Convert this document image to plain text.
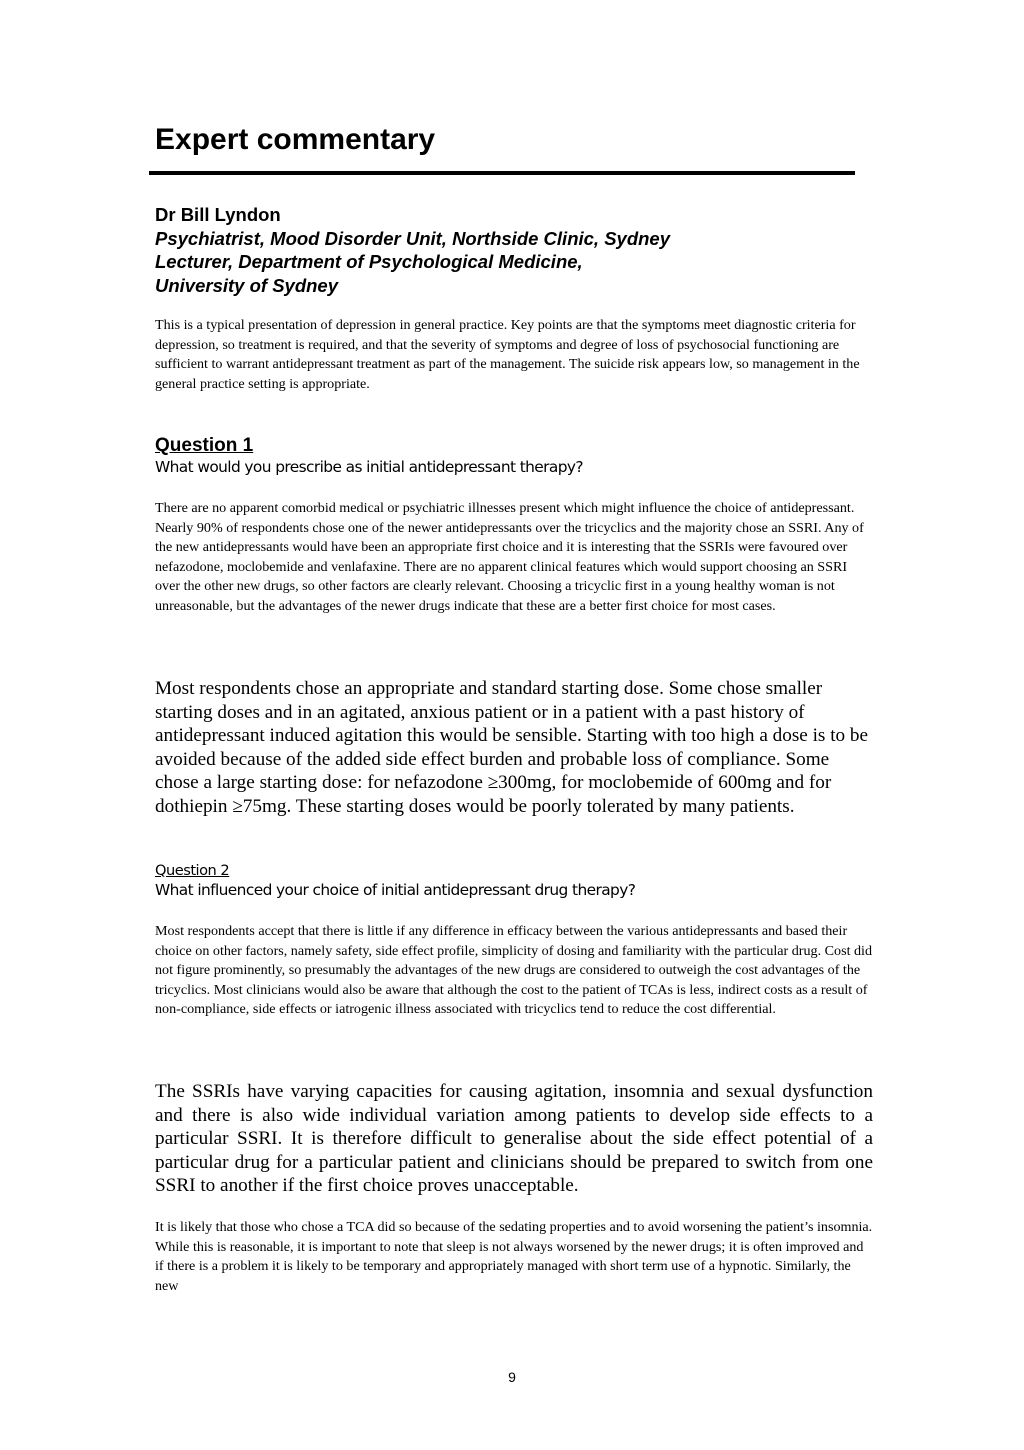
Expert commentary
Dr Bill Lyndon
Psychiatrist, Mood Disorder Unit, Northside Clinic, Sydney
Lecturer, Department of Psychological Medicine,
University of Sydney

This is a typical presentation of depression in general practice. Key points are that the symptoms meet diagnostic criteria for depression, so treatment is required, and that the severity of symptoms and degree of loss of psychosocial functioning are sufficient to warrant antidepressant treatment as part of the management. The suicide risk appears low, so management in the general practice setting is appropriate.

Question 1
What would you prescribe as initial antidepressant therapy?

There are no apparent comorbid medical or psychiatric illnesses present which might influence the choice of antidepressant. Nearly 90% of respondents chose one of the newer antidepressants over the tricyclics and the majority chose an SSRI. Any of the new antidepressants would have been an appropriate first choice and it is interesting that the SSRIs were favoured over nefazodone, moclobemide and venlafaxine. There are no apparent clinical features which would support choosing an SSRI over the other new drugs, so other factors are clearly relevant. Choosing a tricyclic first in a young healthy woman is not unreasonable, but the advantages of the newer drugs indicate that these are a better first choice for most cases.

Most respondents chose an appropriate and standard starting dose. Some chose smaller starting doses and in an agitated, anxious patient or in a patient with a past history of antidepressant induced agitation this would be sensible. Starting with too high a dose is to be avoided because of the added side effect burden and probable loss of compliance. Some chose a large starting dose: for nefazodone ≥300mg, for moclobemide of 600mg and for dothiepin ≥75mg. These starting doses would be poorly tolerated by many patients.

Question 2
What influenced your choice of initial antidepressant drug therapy?

Most respondents accept that there is little if any difference in efficacy between the various antidepressants and based their choice on other factors, namely safety, side effect profile, simplicity of dosing and familiarity with the particular drug. Cost did not figure prominently, so presumably the advantages of the new drugs are considered to outweigh the cost advantages of the tricyclics. Most clinicians would also be aware that although the cost to the patient of TCAs is less, indirect costs as a result of non-compliance, side effects or iatrogenic illness associated with tricyclics tend to reduce the cost differential.

The SSRIs have varying capacities for causing agitation, insomnia and sexual dysfunction and there is also wide individual variation among patients to develop side effects to a particular SSRI. It is therefore difficult to generalise about the side effect potential of a particular drug for a particular patient and clinicians should be prepared to switch from one SSRI to another if the first choice proves unacceptable.

It is likely that those who chose a TCA did so because of the sedating properties and to avoid worsening the patient’s insomnia. While this is reasonable, it is important to note that sleep is not always worsened by the newer drugs; it is often improved and if there is a problem it is likely to be temporary and appropriately managed with short term use of a hypnotic. Similarly, the new

9
